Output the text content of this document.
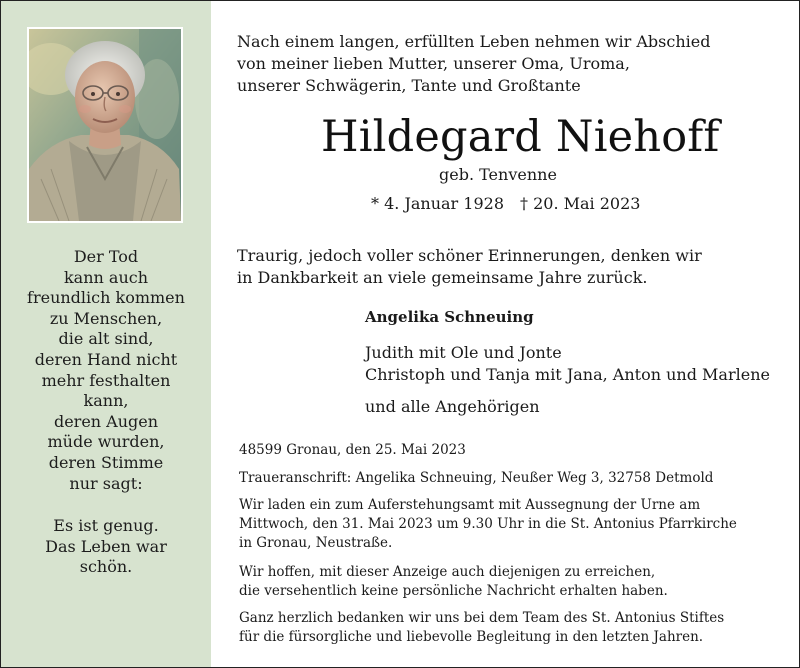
Der Tod
kann auch
freundlich kommen
zu Menschen,
die alt sind,
deren Hand nicht
mehr festhalten
kann,
deren Augen
müde wurden,
deren Stimme
nur sagt:
Es ist genug.
Das Leben war
schön.
Nach einem langen, erfüllten Leben nehmen wir Abschied
von meiner lieben Mutter, unserer Oma, Uroma,
unserer Schwägerin, Tante und Großtante
Hildegard Niehoff
geb. Tenvenne
* 4. Januar 1928 † 20. Mai 2023
Traurig, jedoch voller schöner Erinnerungen, denken wir
in Dankbarkeit an viele gemeinsame Jahre zurück.
Angelika Schneuing
Judith mit Ole und Jonte
Christoph und Tanja mit Jana, Anton und Marlene
und alle Angehörigen
48599 Gronau, den 25. Mai 2023
Traueranschrift: Angelika Schneuing, Neußer Weg 3, 32758 Detmold
Wir laden ein zum Auferstehungsamt mit Aussegnung der Urne am
Mittwoch, den 31. Mai 2023 um 9.30 Uhr in die St. Antonius Pfarrkirche
in Gronau, Neustraße.
Wir hoffen, mit dieser Anzeige auch diejenigen zu erreichen,
die versehentlich keine persönliche Nachricht erhalten haben.
Ganz herzlich bedanken wir uns bei dem Team des St. Antonius Stiftes
für die fürsorgliche und liebevolle Begleitung in den letzten Jahren.
